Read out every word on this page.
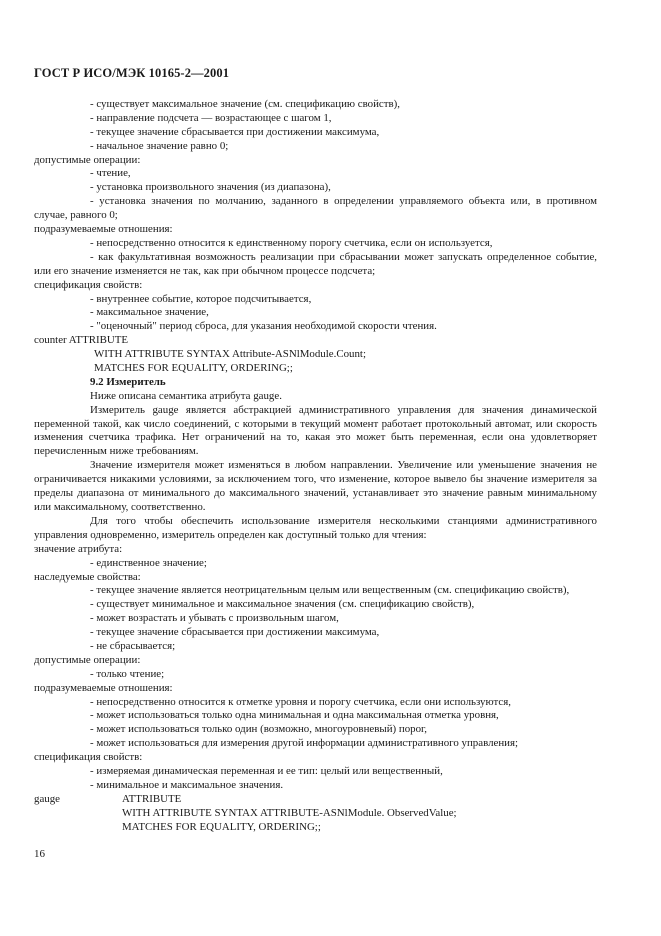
ГОСТ Р ИСО/МЭК 10165-2—2001
- существует максимальное значение (см. спецификацию свойств),
- направление подсчета — возрастающее с шагом 1,
- текущее значение сбрасывается при достижении максимума,
- начальное значение равно 0;
допустимые операции:
- чтение,
- установка произвольного значения (из диапазона),
- установка значения по молчанию, заданного в определении управляемого объекта или, в противном случае, равного 0;
подразумеваемые отношения:
- непосредственно относится к единственному порогу счетчика, если он используется,
- как факультативная возможность реализации при сбрасывании может запускать определенное событие, или его значение изменяется не так, как при обычном процессе подсчета;
спецификация свойств:
- внутреннее событие, которое подсчитывается,
- максимальное значение,
- "оценочный" период сброса, для указания необходимой скорости чтения.
counter ATTRIBUTE
WITH ATTRIBUTE SYNTAX Attribute-ASNlModule.Count;
MATCHES FOR EQUALITY, ORDERING;;
9.2 Измеритель
Ниже описана семантика атрибута gauge.
Измеритель gauge является абстракцией административного управления для значения динамической переменной такой, как число соединений, с которыми в текущий момент работает протокольный автомат, или скорость изменения счетчика трафика. Нет ограничений на то, какая это может быть переменная, если она удовлетворяет перечисленным ниже требованиям.
Значение измерителя может изменяться в любом направлении. Увеличение или уменьшение значения не ограничивается никакими условиями, за исключением того, что изменение, которое вывело бы значение измерителя за пределы диапазона от минимального до максимального значений, устанавливает это значение равным минимальному или максимальному, соответственно.
Для того чтобы обеспечить использование измерителя несколькими станциями административного управления одновременно, измеритель определен как доступный только для чтения:
значение атрибута:
- единственное значение;
наследуемые свойства:
- текущее значение является неотрицательным целым или вещественным (см. спецификацию свойств),
- существует минимальное и максимальное значения (см. спецификацию свойств),
- может возрастать и убывать с произвольным шагом,
- текущее значение сбрасывается при достижении максимума,
- не сбрасывается;
допустимые операции:
- только чтение;
подразумеваемые отношения:
- непосредственно относится к отметке уровня и порогу счетчика, если они используются,
- может использоваться только одна минимальная и одна максимальная отметка уровня,
- может использоваться только один (возможно, многоуровневый) порог,
- может использоваться для измерения другой информации административного управления;
спецификация свойств:
- измеряемая динамическая переменная и ее тип: целый или вещественный,
- минимальное и максимальное значения.
gauge	ATTRIBUTE
WITH ATTRIBUTE SYNTAX ATTRIBUTE-ASNlModule. ObservedValue;
MATCHES FOR EQUALITY, ORDERING;;
16
